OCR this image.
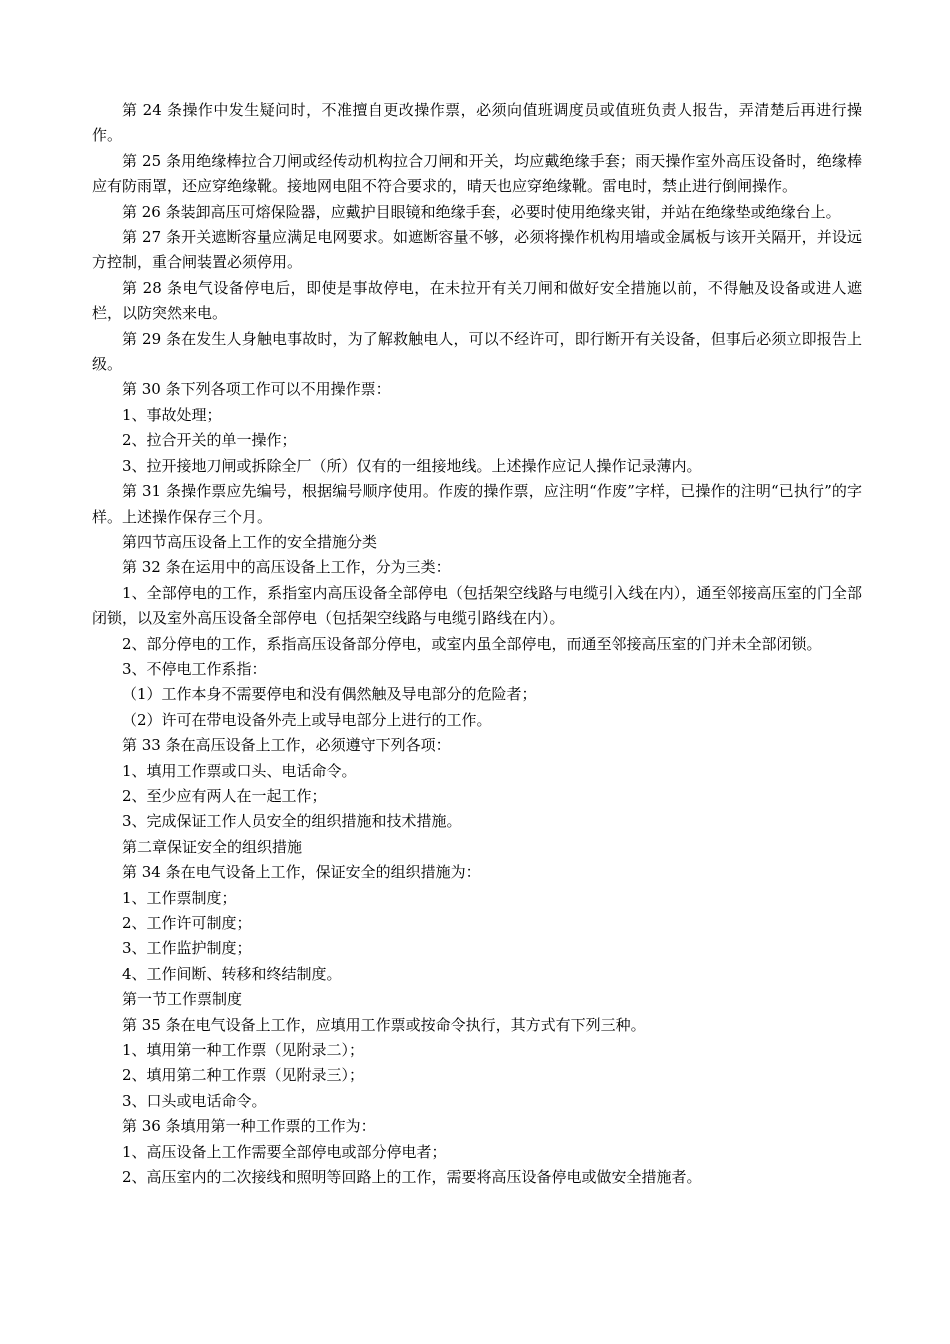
第 24 条操作中发生疑问时，不准擅自更改操作票，必须向值班调度员或值班负责人报告，弄清楚后再进行操作。

第 25 条用绝缘棒拉合刀闸或经传动机构拉合刀闸和开关，均应戴绝缘手套；雨天操作室外高压设备时，绝缘棒应有防雨罩，还应穿绝缘靴。接地网电阻不符合要求的，晴天也应穿绝缘靴。雷电时，禁止进行倒闸操作。

第 26 条装卸高压可熔保险器，应戴护目眼镜和绝缘手套，必要时使用绝缘夹钳，并站在绝缘垫或绝缘台上。

第 27 条开关遮断容量应满足电网要求。如遮断容量不够，必须将操作机构用墙或金属板与该开关隔开，并设远方控制，重合闸装置必须停用。

第 28 条电气设备停电后，即使是事故停电，在未拉开有关刀闸和做好安全措施以前，不得触及设备或进人遮栏，以防突然来电。

第 29 条在发生人身触电事故时，为了解救触电人，可以不经许可，即行断开有关设备，但事后必须立即报告上级。

第 30 条下列各项工作可以不用操作票：

1、事故处理；

2、拉合开关的单一操作；

3、拉开接地刀闸或拆除全厂（所）仅有的一组接地线。上述操作应记人操作记录薄内。

第 31 条操作票应先编号，根据编号顺序使用。作废的操作票，应注明“作废”字样，已操作的注明“已执行”的字样。上述操作保存三个月。

第四节高压设备上工作的安全措施分类

第 32 条在运用中的高压设备上工作，分为三类：

1、全部停电的工作，系指室内高压设备全部停电（包括架空线路与电缆引入线在内），通至邻接高压室的门全部闭锁，以及室外高压设备全部停电（包括架空线路与电缆引路线在内）。

2、部分停电的工作，系指高压设备部分停电，或室内虽全部停电，而通至邻接高压室的门并未全部闭锁。

3、不停电工作系指：

（1）工作本身不需要停电和没有偶然触及导电部分的危险者；

（2）许可在带电设备外壳上或导电部分上进行的工作。

第 33 条在高压设备上工作，必须遵守下列各项：

1、填用工作票或口头、电话命令。

2、至少应有两人在一起工作；

3、完成保证工作人员安全的组织措施和技术措施。

第二章保证安全的组织措施

第 34 条在电气设备上工作，保证安全的组织措施为：

1、工作票制度；

2、工作许可制度；

3、工作监护制度；

4、工作间断、转移和终结制度。

第一节工作票制度

第 35 条在电气设备上工作，应填用工作票或按命令执行，其方式有下列三种。

1、填用第一种工作票（见附录二）；

2、填用第二种工作票（见附录三）；

3、口头或电话命令。

第 36 条填用第一种工作票的工作为：

1、高压设备上工作需要全部停电或部分停电者；

2、高压室内的二次接线和照明等回路上的工作，需要将高压设备停电或做安全措施者。
